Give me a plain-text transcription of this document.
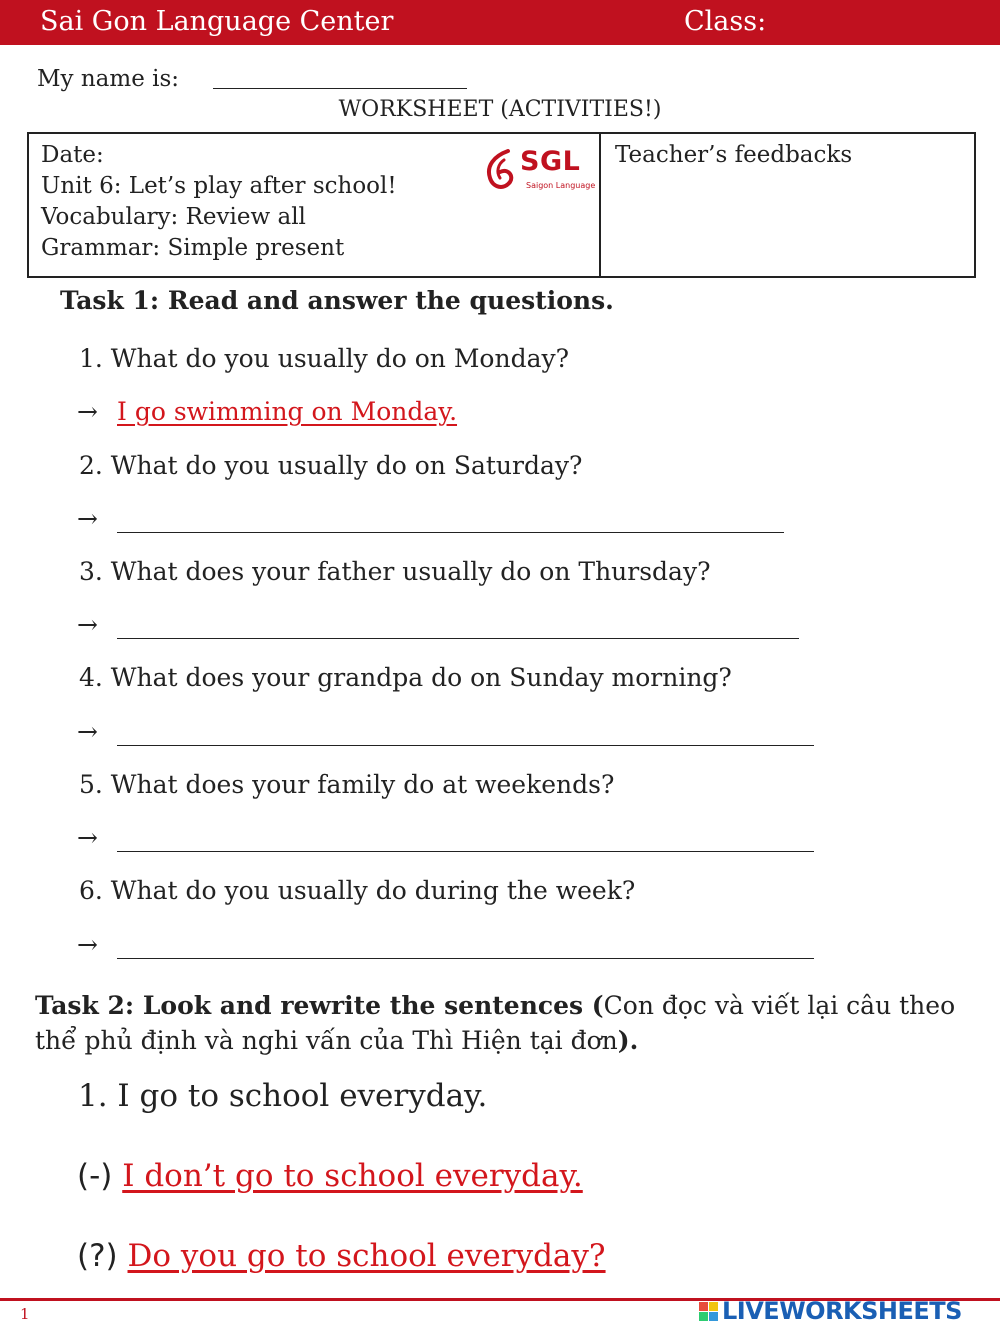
Sai Gon Language Center	Class:
My name is:
WORKSHEET (ACTIVITIES!)
Date:
Unit 6: Let’s play after school!
Vocabulary: Review all
Grammar: Simple present
SGL
Saigon Language
Teacher’s feedbacks
Task 1: Read and answer the questions.
1. What do you usually do on Monday?
→ I go swimming on Monday.
2. What do you usually do on Saturday?
→
3. What does your father usually do on Thursday?
→
4. What does your grandpa do on Sunday morning?
→
5. What does your family do at weekends?
→
6. What do you usually do during the week?
→
Task 2: Look and rewrite the sentences (Con đọc và viết lại câu theo thể phủ định và nghi vấn của Thì Hiện tại đơn).
1. I go to school everyday.
(-) I don’t go to school everyday.
(?) Do you go to school everyday?
1	LIVEWORKSHEETS
